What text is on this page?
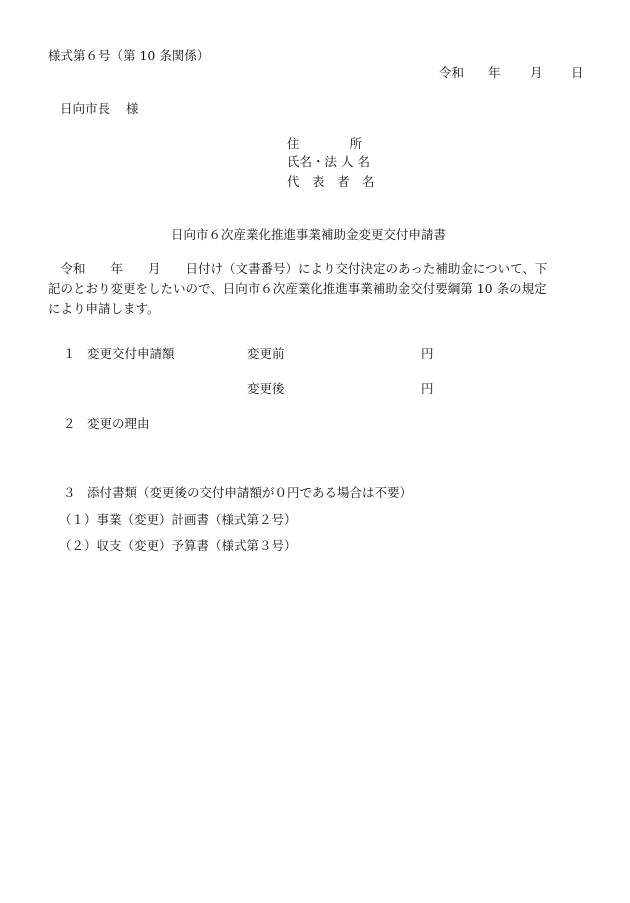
様式第６号（第 10 条関係）
令和 年 月 日
日向市長 様
住　　　　所
氏名・法 人 名
代　表　者　名
日向市６次産業化推進事業補助金変更交付申請書
　令和　　年　　月　　日付け（文書番号）により交付決定のあった補助金について、下
記のとおり変更をしたいので、日向市６次産業化推進事業補助金交付要綱第 10 条の規定
により申請します。
１ 変更交付申請額	変更前	円
変更後	円
２ 変更の理由
３ 添付書類（変更後の交付申請額が０円である場合は不要）
（１）事業（変更）計画書（様式第２号）
（２）収支（変更）予算書（様式第３号）
